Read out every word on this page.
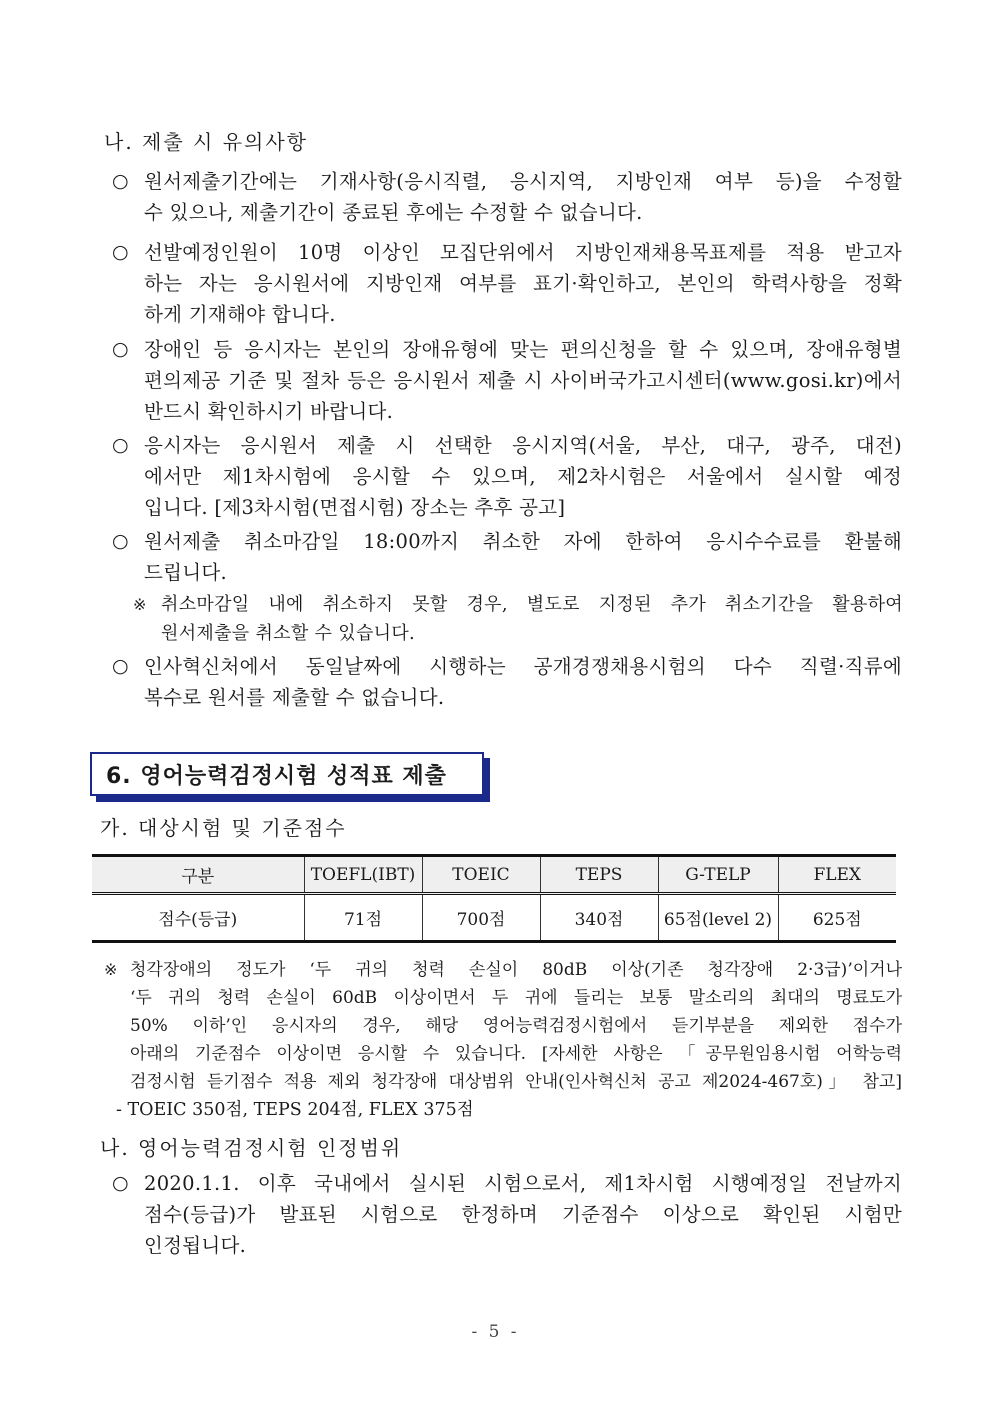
나. 제출 시 유의사항
○ 원서제출기간에는 기재사항(응시직렬, 응시지역, 지방인재 여부 등)을 수정할
수 있으나, 제출기간이 종료된 후에는 수정할 수 없습니다.
○ 선발예정인원이 10명 이상인 모집단위에서 지방인재채용목표제를 적용 받고자
하는 자는 응시원서에 지방인재 여부를 표기·확인하고, 본인의 학력사항을 정확
하게 기재해야 합니다.
○ 장애인 등 응시자는 본인의 장애유형에 맞는 편의신청을 할 수 있으며, 장애유형별
편의제공 기준 및 절차 등은 응시원서 제출 시 사이버국가고시센터(www.gosi.kr)에서
반드시 확인하시기 바랍니다.
○ 응시자는 응시원서 제출 시 선택한 응시지역(서울, 부산, 대구, 광주, 대전)
에서만 제1차시험에 응시할 수 있으며, 제2차시험은 서울에서 실시할 예정
입니다. [제3차시험(면접시험) 장소는 추후 공고]
○ 원서제출 취소마감일 18:00까지 취소한 자에 한하여 응시수수료를 환불해
드립니다.
※ 취소마감일 내에 취소하지 못할 경우, 별도로 지정된 추가 취소기간을 활용하여
원서제출을 취소할 수 있습니다.
○ 인사혁신처에서 동일날짜에 시행하는 공개경쟁채용시험의 다수 직렬·직류에
복수로 원서를 제출할 수 없습니다.
6. 영어능력검정시험 성적표 제출
가. 대상시험 및 기준점수
구분	TOEFL(IBT)	TOEIC	TEPS	G-TELP	FLEX
점수(등급)	71점	700점	340점	65점(level 2)	625점
※ 청각장애의 정도가 ‘두 귀의 청력 손실이 80dB 이상(기존 청각장애 2·3급)’이거나
‘두 귀의 청력 손실이 60dB 이상이면서 두 귀에 들리는 보통 말소리의 최대의 명료도가
50% 이하’인 응시자의 경우, 해당 영어능력검정시험에서 듣기부분을 제외한 점수가
아래의 기준점수 이상이면 응시할 수 있습니다. [자세한 사항은 「공무원임용시험 어학능력
검정시험 듣기점수 적용 제외 청각장애 대상범위 안내(인사혁신처 공고 제2024-467호)」 참고]
- TOEIC 350점, TEPS 204점, FLEX 375점
나. 영어능력검정시험 인정범위
○ 2020.1.1. 이후 국내에서 실시된 시험으로서, 제1차시험 시행예정일 전날까지
점수(등급)가 발표된 시험으로 한정하며 기준점수 이상으로 확인된 시험만
인정됩니다.
- 5 -
